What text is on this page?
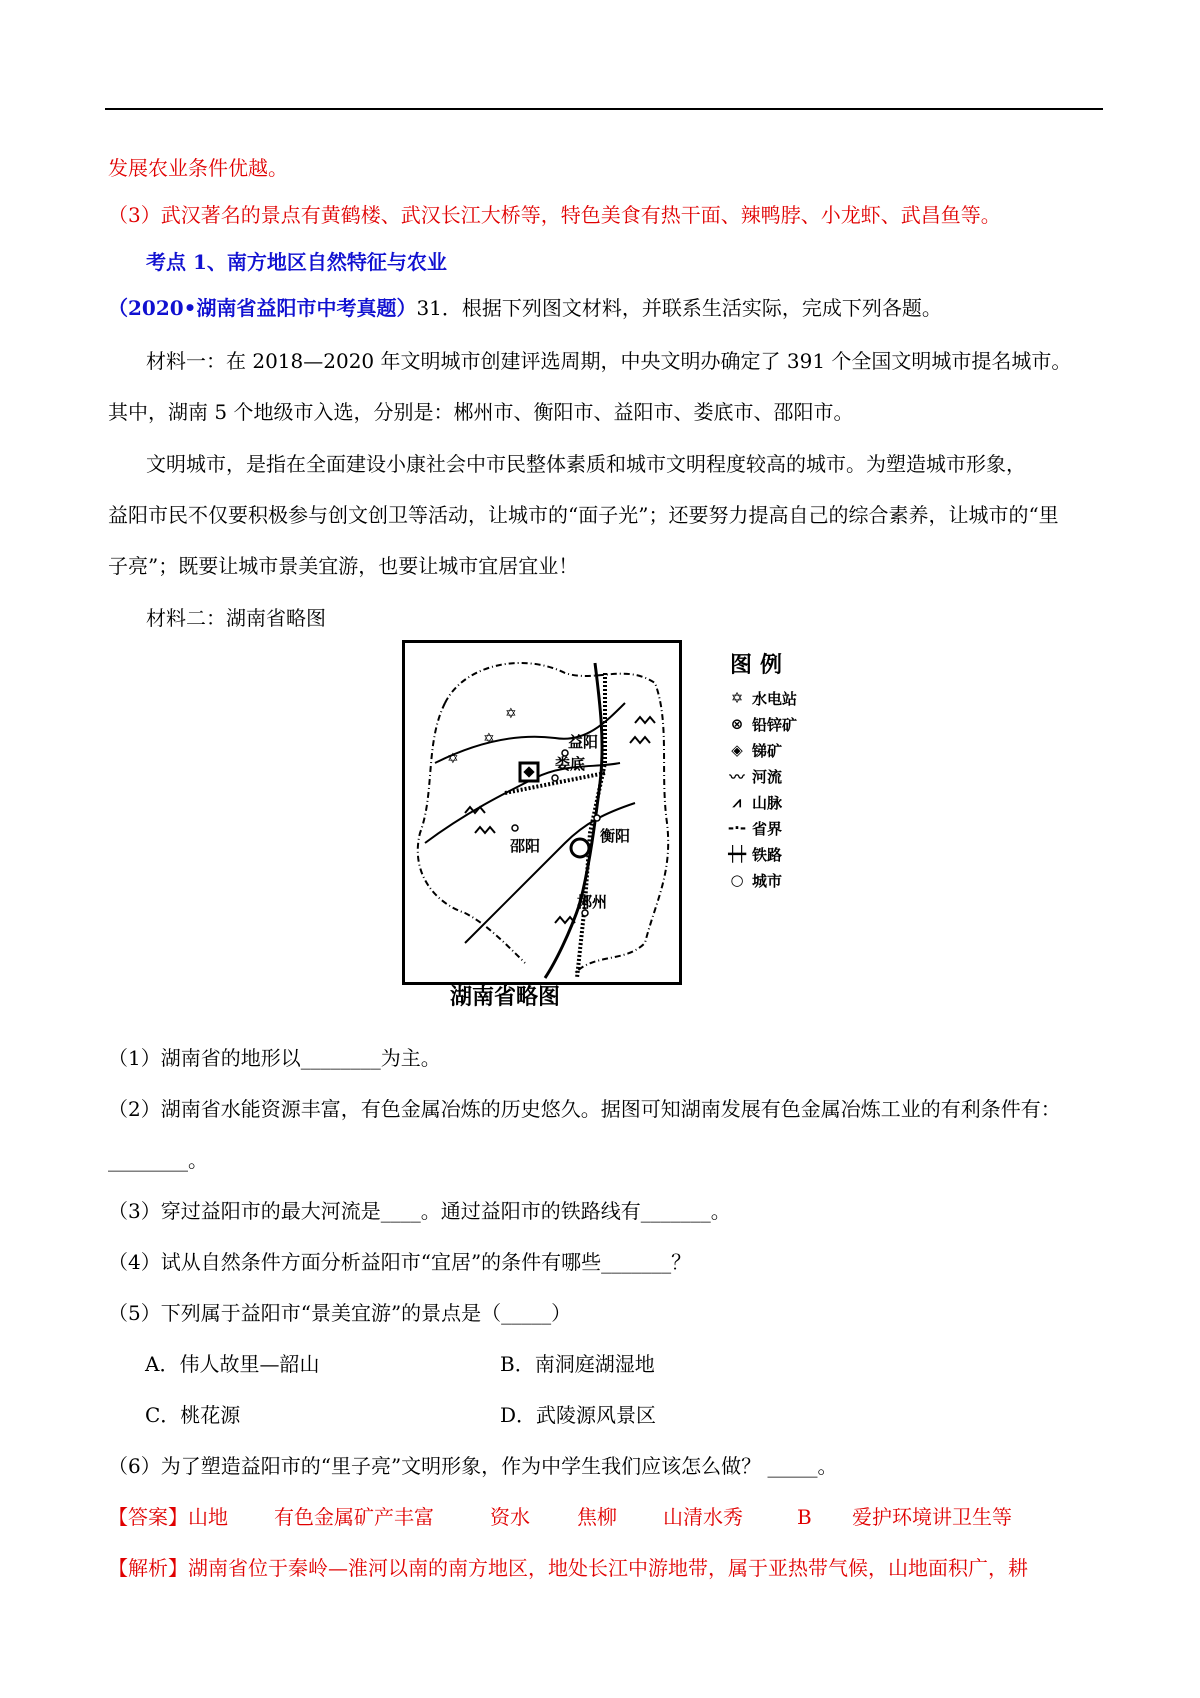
发展农业条件优越。
（3）武汉著名的景点有黄鹤楼、武汉长江大桥等，特色美食有热干面、辣鸭脖、小龙虾、武昌鱼等。
考点 1、南方地区自然特征与农业
（2020•湖南省益阳市中考真题）31．根据下列图文材料，并联系生活实际，完成下列各题。
材料一：在 2018—2020 年文明城市创建评选周期，中央文明办确定了 391 个全国文明城市提名城市。
其中，湖南 5 个地级市入选，分别是：郴州市、衡阳市、益阳市、娄底市、邵阳市。
文明城市，是指在全面建设小康社会中市民整体素质和城市文明程度较高的城市。为塑造城市形象，
益阳市民不仅要积极参与创文创卫等活动，让城市的“面子光”；还要努力提高自己的综合素养，让城市的“里
子亮”；既要让城市景美宜游，也要让城市宜居宜业！
材料二：湖南省略图
✡
✡
✡
益阳
娄底
邵阳
衡阳
郴州
图例
✡ 水电站
⊗ 铅锌矿
◈ 锑矿
〰 河流
⩘ 山脉
-·- 省界
┿┿ 铁路
○ 城市
湖南省略图
（1）湖南省的地形以________为主。
（2）湖南省水能资源丰富，有色金属冶炼的历史悠久。据图可知湖南发展有色金属冶炼工业的有利条件有：
________。
（3）穿过益阳市的最大河流是____。通过益阳市的铁路线有_______。
（4）试从自然条件方面分析益阳市“宜居”的条件有哪些_______？
（5）下列属于益阳市“景美宜游”的景点是（_____）
A．伟人故里—韶山	B．南洞庭湖湿地
C．桃花源	D．武陵源风景区
（6）为了塑造益阳市的“里子亮”文明形象，作为中学生我们应该怎么做？ _____。
【答案】山地 有色金属矿产丰富	资水 焦柳 山清水秀	B 爱护环境讲卫生等
【解析】湖南省位于秦岭—淮河以南的南方地区，地处长江中游地带，属于亚热带气候，山地面积广，耕
